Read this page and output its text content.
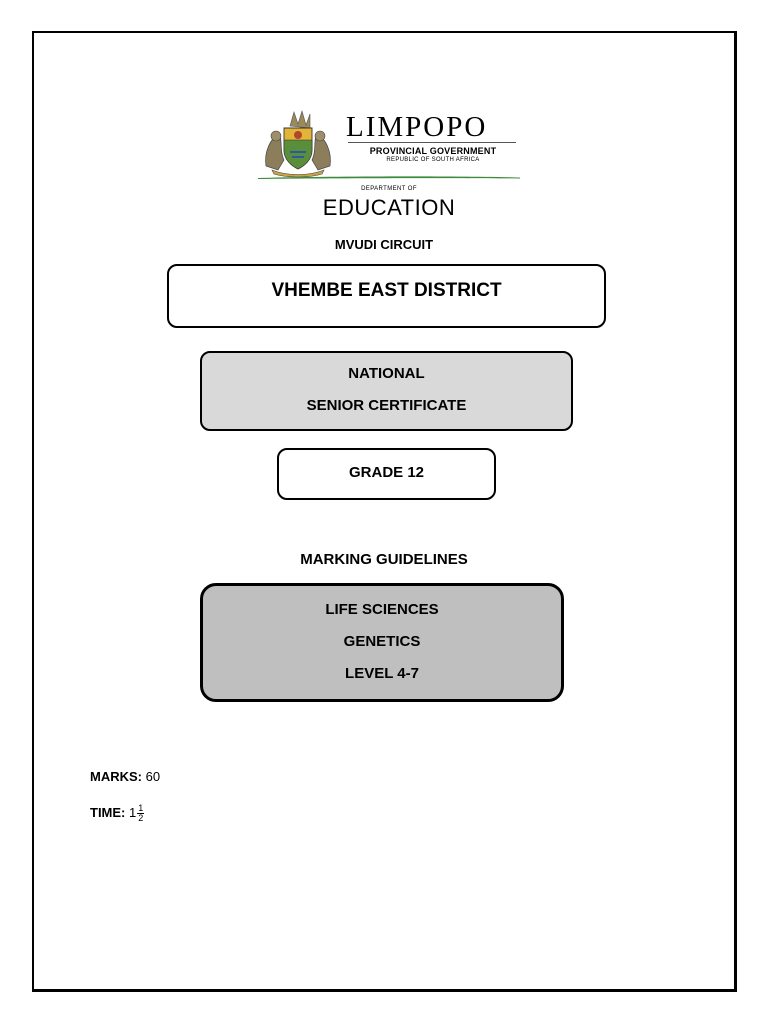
LIMPOPO
PROVINCIAL GOVERNMENT
REPUBLIC OF SOUTH AFRICA
DEPARTMENT OF
EDUCATION
MVUDI CIRCUIT
VHEMBE EAST DISTRICT
NATIONAL
SENIOR CERTIFICATE
GRADE 12
MARKING GUIDELINES
LIFE SCIENCES
GENETICS
LEVEL 4-7
MARKS: 60
TIME: $1 \frac{1}{2}$
